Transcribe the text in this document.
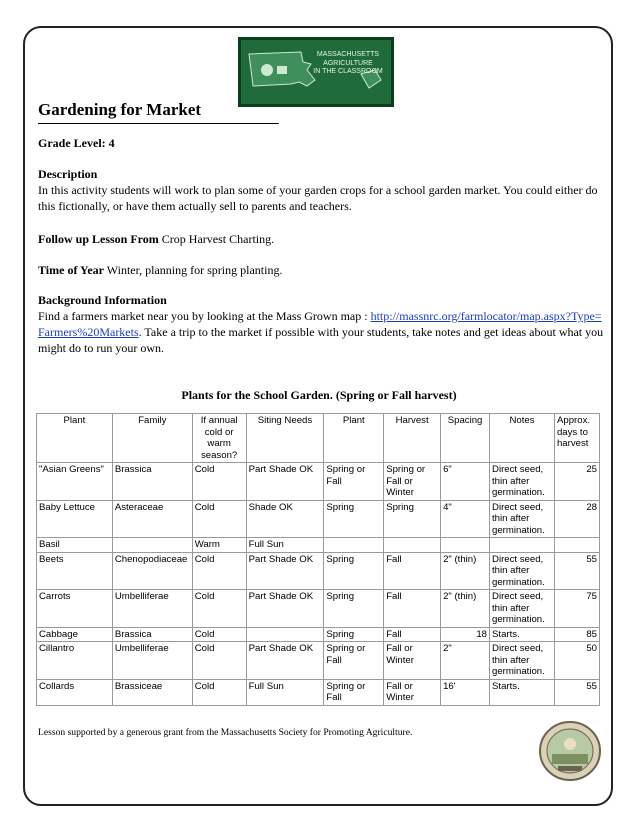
MASSACHUSETTS
AGRICULTURE
IN THE CLASSROOM
Gardening for Market
Grade Level: 4
Description
In this activity students will work to plan some of your garden crops for a school garden market. You could either do this fictionally, or have them actually sell to parents and teachers.
Follow up Lesson From Crop Harvest Charting.
Time of Year Winter, planning for spring planting.
Background Information
Find a farmers market near you by looking at the Mass Grown map : http://massnrc.org/farmlocator/map.aspx?Type=Farmers%20Markets. Take a trip to the market if possible with your students, take notes and get ideas about what you might do to run your own.
Plants for the School Garden. (Spring or Fall harvest)
Plant	Family	If annual cold or warm season?	Siting Needs	Plant	Harvest	Spacing	Notes	Approx. days to harvest
"Asian Greens"	Brassica	Cold	Part Shade OK	Spring or Fall	Spring or Fall or Winter	6"	Direct seed, thin after germination.	25
Baby Lettuce	Asteraceae	Cold	Shade OK	Spring	Spring	4"	Direct seed, thin after germination.	28
Basil		Warm	Full Sun					
Beets	Chenopodiaceae	Cold	Part Shade OK	Spring	Fall	2" (thin)	Direct seed, thin after germination.	55
Carrots	Umbelliferae	Cold	Part Shade OK	Spring	Fall	2" (thin)	Direct seed, thin after germination.	75
Cabbage	Brassica	Cold		Spring	Fall	18	Starts.	85
Cillantro	Umbelliferae	Cold	Part Shade OK	Spring or Fall	Fall or Winter	2"	Direct seed, thin after germination.	50
Collards	Brassiceae	Cold	Full Sun	Spring or Fall	Fall or Winter	16'	Starts.	55
Lesson supported by a generous grant from the Massachusetts Society for Promoting Agriculture.
